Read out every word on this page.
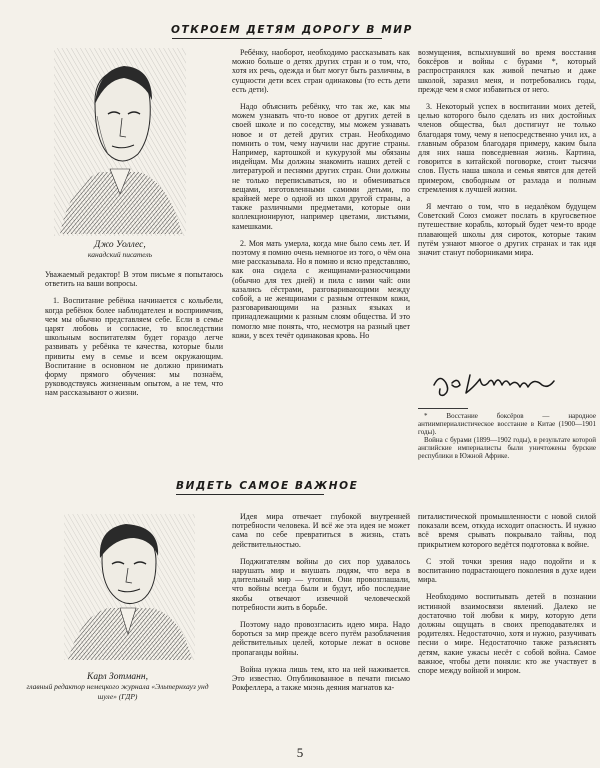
ОТКРОЕМ ДЕТЯМ ДОРОГУ В МИР
Джо Уоллес,
канадский писатель

Уважаемый редактор! В этом письме я попытаюсь ответить на ваши вопросы.

1. Воспитание ребёнка начинается с колыбели, когда ребёнок более наблюдателен и восприимчив, чем мы обычно представляем себе. Если в семье царят любовь и согласие, то впоследствии школьным воспитателям будет гораздо легче развивать у ребёнка те качества, которые были привиты ему в семье и всем окружающим. Воспитание в основном не должно принимать форму прямого обучения: мы познаём, руководствуясь жизненным опытом, а не тем, что нам рассказывают о жизни.

Ребёнку, наоборот, необходимо рассказывать как можно больше о детях других стран и о том, что, хотя их речь, одежда и быт могут быть различны, в сущности дети всех стран одинаковы (то есть дети есть дети).

Надо объяснить ребёнку, что так же, как мы можем узнавать что-то новое от других детей в своей школе и по соседству, мы можем узнавать новое и от детей других стран. Необходимо помнить о том, чему научили нас другие страны. Например, картошкой и кукурузой мы обязаны индейцам. Мы должны знакомить наших детей с литературой и песнями других стран. Они должны не только переписываться, но и обмениваться вещами, изготовленными самими детьми, по крайней мере о одной из школ другой страны, а также различными предметами, которые они коллекционируют, например цветами, листьями, камешками.

2. Моя мать умерла, когда мне было семь лет. И поэтому я помню очень немногое из того, о чём она мне рассказывала. Но я помню и ясно представляю, как она сидела с женщинами-разносчицами (обычно для тех дней) и пила с ними чай: они казались сёстрами, разговаривающими между собой, а не женщинами с разным оттенком кожи, разговаривающими на разных языках и принадлежащими к разным слоям общества. И это помогло мне понять, что, несмотря на разный цвет кожи, у всех течёт одинаковая кровь. Но

возмущения, вспыхнувший во время восстания боксёров и войны с бурами *, который распространялся как живой печатью и даже школой, заразил меня, и потребовались годы, прежде чем я смог избавиться от него.

3. Некоторый успех в воспитании моих детей, целью которого было сделать из них достойных членов общества, был достигнут не только благодаря тому, чему я непосредственно учил их, а главным образом благодаря примеру, каким была для них наша повседневная жизнь. Картина, говорится в китайской поговорке, стоит тысячи слов. Пусть наша школа и семья явятся для детей примером, свободным от разлада и полным стремления к лучшей жизни.

Я мечтаю о том, что в недалёком будущем Советский Союз сможет послать в кругосветное путешествие корабль, который будет чем-то вроде плавающей школы для сироток, которые таким путём узнают многое о других странах и так идя значит станут поборниками мира.

* Восстание боксёров — народное антиимпериалистическое восстание в Китае (1900—1901 годы).

Война с бурами (1899—1902 годы), в результате которой английские империалисты были уничтожены бурские республики в Южной Африке.

ВИДЕТЬ САМОЕ ВАЖНОЕ
Карл Зотманн,
главный редактор немецкого журнала «Эльтернхауз унд шуле» (ГДР)

Идея мира отвечает глубокой внутренней потребности человека. И всё же эта идея не может сама по себе превратиться в жизнь, стать действительностью.

Поджигателям войны до сих пор удавалось нарушать мир и внушать людям, что вера в длительный мир — утопия. Они провозглашали, что войны всегда были и будут, ибо последние якобы отвечают извечной человеческой потребности жить в борьбе.

Поэтому надо провозгласить идею мира. Надо бороться за мир прежде всего путём разоблачения действительных целей, которые лежат в основе пропаганды войны.

Война нужна лишь тем, кто на ней наживается. Это известно. Опубликованное в печати письмо Рокфеллера, а также мнэнь деяния магнатов ка-

питалистической промышленности с новой силой показали всем, откуда исходит опасность. И нужно всё время срывать покрывало тайны, под прикрытием которого ведётся подготовка к войне.

С этой точки зрения надо подойти и к воспитанию подрастающего поколения в духе идеи мира.

Необходимо воспитывать детей в познании истинной взаимосвязи явлений. Далеко не достаточно той любви к миру, которую дети должны ощущать в своих преподавателях и родителях. Недостаточно, хотя и нужно, разучивать песни о мире. Недостаточно также разъяснять детям, какие ужасы несёт с собой война. Самое важное, чтобы дети поняли: кто же участвует в споре между войной и миром.

5
